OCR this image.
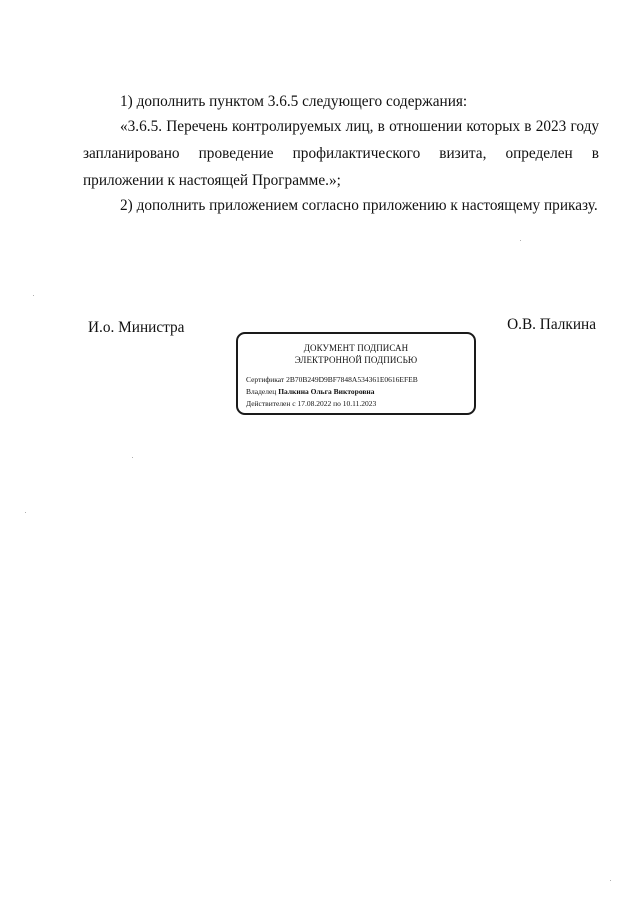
1) дополнить пунктом 3.6.5 следующего содержания:

«3.6.5. Перечень контролируемых лиц, в отношении которых в 2023 году запланировано проведение профилактического визита, определен в приложении к настоящей Программе.»;

2) дополнить приложением согласно приложению к настоящему приказу.

И.о. Министра	О.В. Палкина
ДОКУМЕНТ ПОДПИСАН
ЭЛЕКТРОННОЙ ПОДПИСЬЮ
Сертификат 2B70B249D9BF7848A534361E0616EFEB
Владелец Палкина Ольга Викторовна
Действителен с 17.08.2022 по 10.11.2023
